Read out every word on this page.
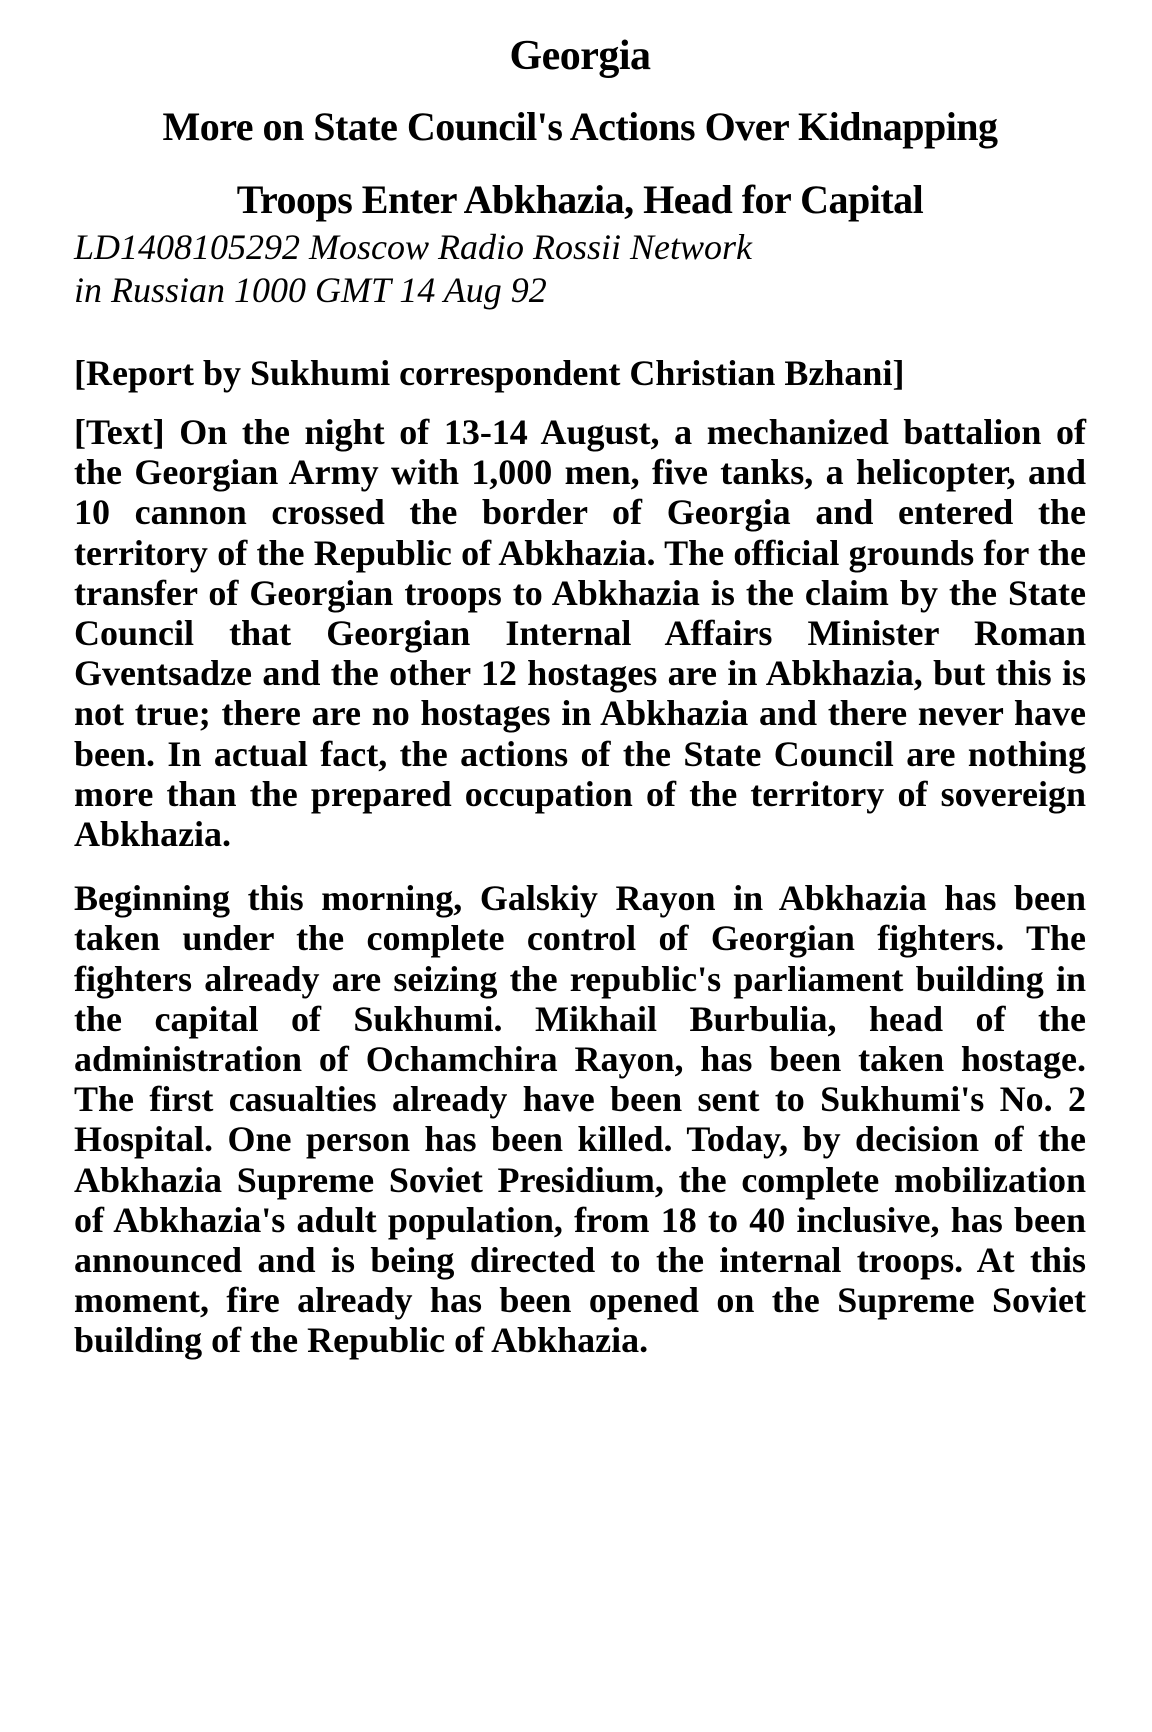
Georgia
More on State Council's Actions Over Kidnapping
Troops Enter Abkhazia, Head for Capital
LD1408105292 Moscow Radio Rossii Network
in Russian 1000 GMT 14 Aug 92

[Report by Sukhumi correspondent Christian Bzhani]

[Text] On the night of 13-14 August, a mechanized battalion of the Georgian Army with 1,000 men, five tanks, a helicopter, and 10 cannon crossed the border of Georgia and entered the territory of the Republic of Abkhazia. The official grounds for the transfer of Georgian troops to Abkhazia is the claim by the State Council that Georgian Internal Affairs Minister Roman Gventsadze and the other 12 hostages are in Abkhazia, but this is not true; there are no hostages in Abkhazia and there never have been. In actual fact, the actions of the State Council are nothing more than the prepared occupation of the territory of sovereign Abkhazia.

Beginning this morning, Galskiy Rayon in Abkhazia has been taken under the complete control of Georgian fighters. The fighters already are seizing the republic's parliament building in the capital of Sukhumi. Mikhail Burbulia, head of the administration of Ochamchira Rayon, has been taken hostage. The first casualties already have been sent to Sukhumi's No. 2 Hospital. One person has been killed. Today, by decision of the Abkhazia Supreme Soviet Presidium, the complete mobilization of Abkhazia's adult population, from 18 to 40 inclusive, has been announced and is being directed to the internal troops. At this moment, fire already has been opened on the Supreme Soviet building of the Republic of Abkhazia.
